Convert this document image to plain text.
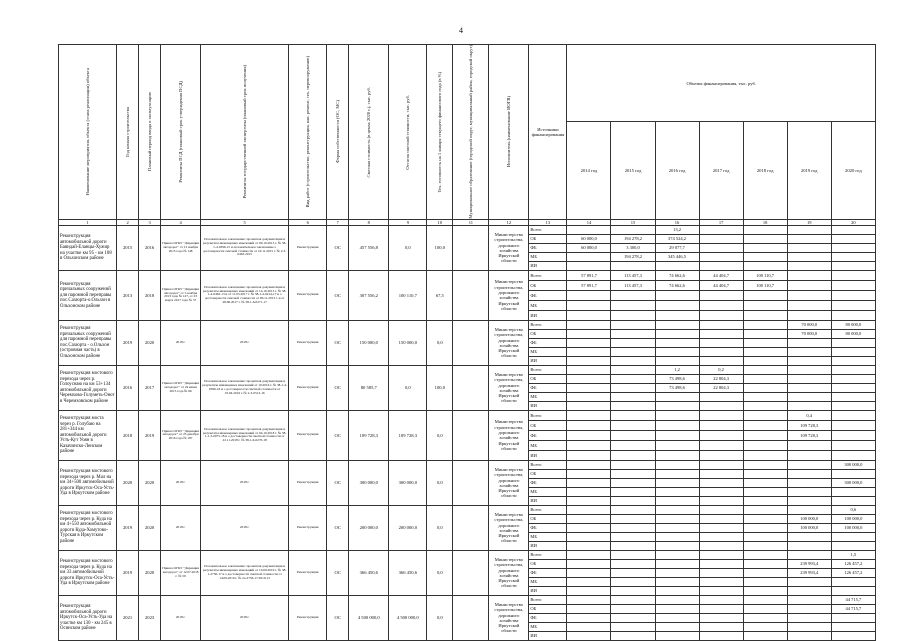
4
Наименование мероприятия, объекта (этапа реализации) объекта	Год начала строительства	Плановый период ввода в эксплуатацию	Реквизиты ПСД (плановый срок утверждения ПСД)	Реквизиты государственной экспертизы (плановый срок получения)	Вид работ (строительство, реконструкция, кап. ремонт, тех. перевооружение)	Форма собственности (ОС, МС)	Сметная стоимость (в ценах 2020 г.), тыс. руб.	Остаток сметной стоимости, тыс. руб.	Тех. готовность на 1 января текущего финансового года (в %)	Муниципальное образование (городской округ, муниципальный район, городской округ)	Исполнитель (наименование ИОГВ)	Источники финансирования	Объемы финансирования, тыс. руб.						
													2014 год	2015 год	2016 год	2017 год	2018 год	2019 год	2020 год
1	2	3	4	5	6	7	8	9	10	11	12	13	14	15	16	17	18	19	20
Реконструкция автомобильной дороги Баяндай-Еланцы-Хужир на участке км 95 - км 108 в Ольхонском районе	2015	2016	Приказ ОГКУ "Дирекция автодорог" от 13 ноября 2015 года № 148	Положительное заключение: проектная документация и результаты инженерных изысканий от 09.10.2015 г. № 38-1-4-0396-15 и положительное заключение о достоверности сметной стоимости от 19.11.2015 г. № 2-3-0463-2015	Реконструкция	ОС	457 556,8	0,0	100,0		Министерство строительства, дорожного хозяйства Иркутской области	Всего			13,2				
												ОБ	60 000,0	194 278,2	374 524,2				
												ФБ	60 000,0	3 300,0	29 077,7				
												МБ		194 278,2	345 446,5				
												ИИ							
Реконструкция причальных сооружений для паромной переправы пос.Сахюрта-о.Ольхон в Ольхонском районе	2013	2018	Приказ ОГКУ "Дирекция автодорог" от 5 ноября 2013 года № 127, от 23 марта 2017 года № 37	Положительное заключение: проектная документация и результаты инженерных изысканий от 14.10.2013 г. № 38-1-4-0462-13 и от 11.05.2017 г. № 38-1-4-0214-17 и о достоверности сметной стоимости от 06.11.2013 г. и от 28.06.2017 г. № 38-1-6-0271-17	Реконструкция	ОС	307 556,2	100 110,7	67,5		Министерство строительства, дорожного хозяйства Иркутской области	Всего	57 891,7	113 457,3	74 662,6	44 404,7	100 110,7		
												ОБ	57 891,7	113 457,3	74 662,6	44 404,7	100 110,7		
												ФБ							
												МБ							
												ИИ							
Реконструкция причальных сооружений для паромной переправы пос.Сахюрта - о.Ольхон (островная часть) в Ольхонском районе	2019	2020	2018 г.	2018 г.	Реконструкция	ОС	150 000,0	150 000,0	0,0		Министерство строительства, дорожного хозяйства Иркутской области	Всего						70 000,0	80 000,0
												ОБ						70 000,0	80 000,0
												ФБ							
												МБ							
												ИИ							
Реконструкция мостового перехода через р. Голоуснаю на км 53+134 автомобильной дороги Черемхово-Голуметь-Онот в Черемховском районе	2016	2017	Приказ ОГКУ "Дирекция автодорог" от 24 июня 2015 года № 66	Положительное заключение: проектная документация и результаты инженерных изысканий от 19.2016 г. № 38-1-4-0396-16 и о достоверности сметной стоимости от 25.04.2016 г. № 2-3-0513-16	Реконструкция	ОС	80 585,7	0,0	100,0		Министерство строительства, дорожного хозяйства Иркутской области	Всего			1,2	0,2			
												ОБ			73 498,6	22 804,3			
												ФБ			73 498,6	22 804,3			
												МБ							
												ИИ							
Реконструкция моста через р. Голубаю на 281+344 км автомобильной дороги Усть-Кут Уоян в Казачинско-Ленском районе	2018	2019	Приказ ОГКУ "Дирекция автодорог" от 25 декабря 2016 года № 187	Положительное заключение: проектная документация и результаты инженерных изысканий от 04.10.2018 г. № 38-1-1-3-0075-18 и о достоверности сметной стоимости от 22.11.2018 г. № 38-1-6-0270-18	Реконструкция	ОС	109 728,3	109 728,3	0,0		Министерство строительства, дорожного хозяйства Иркутской области	Всего						0,4	
												ОБ						109 728,3	
												ФБ						109 728,3	
												МБ							
												ИИ							
Реконструкция мостового перехода через р. Мал на км 34+500 автомобильной дороги Иркутск-Оса-Усть-Уда в Иркутском районе	2020	2020	2018 г.	2018 г.	Реконструкция	ОС	300 000,0	300 000,0	0,0		Министерство строительства, дорожного хозяйства Иркутской области	Всего							300 000,0
												ОБ							
												ФБ							300 000,0
												МБ							
												ИИ							
Реконструкция мостового перехода через р. Куда на км 4+550 автомобильной дороги Куда-Хомутово-Турская в Иркутском районе	2019	2020	2018 г.	2018 г.	Реконструкция	ОС	200 000,0	200 000,0	0,0		Министерство строительства, дорожного хозяйства Иркутской области	Всего							0,6
												ОБ						100 000,0	100 000,0
												ФБ						100 000,0	100 000,0
												МБ							
												ИИ							
Реконструкция мостового перехода через р. Куда на км 33 автомобильной дороги Иркутск-Оса-Усть-Уда в Иркутском районе	2019	2020	Приказ ОГКУ "Дирекция автодорог" от 12.07.2018 г. № 59	Положительное заключение: проектная документация и результаты инженерных изысканий от 10.09.2019 г. № 38-1-2756-17 и о достоверности сметной стоимости от 14.09.2019 г. № 2а-2756-17/2019-15	Реконструкция	ОС	366 450,6	366 450,6	0,0		Министерство строительства, дорожного хозяйства Иркутской области	Всего							1,5
												ОБ						239 993,4	126 457,2
												ФБ						239 993,4	126 457,2
												МБ							
												ИИ							
Реконструкция автомобильной дороги Иркутск-Оса-Усть-Уда на участке км 130 - км 245 в Осинском районе	2021	2023	2018 г.	2018 г.	Реконструкция	ОС	4 500 000,0	4 500 000,0	0,0		Министерство строительства, дорожного хозяйства Иркутской области	Всего							44 715,7
												ОБ							44 715,7
												ФБ							
												МБ							
												ИИ							
